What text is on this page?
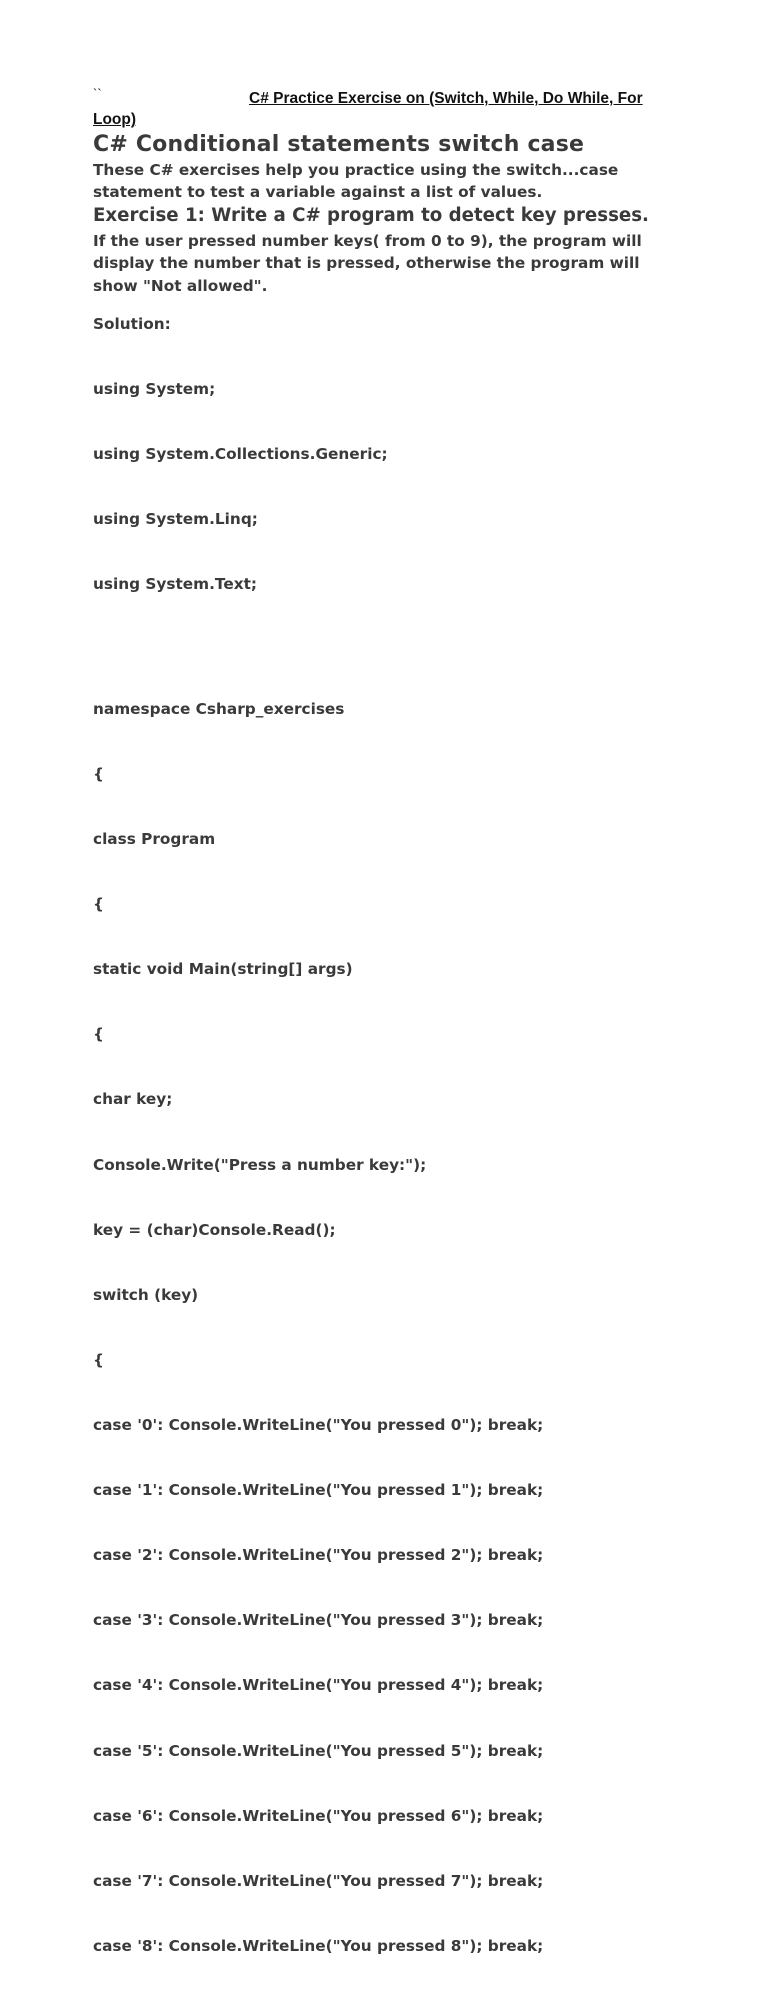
``	C# Practice Exercise on (Switch, While, Do While, For Loop)

C# Conditional statements switch case

These C# exercises help you practice using the switch...case statement to test a variable against a list of values.

Exercise 1: Write a C# program to detect key presses.

If the user pressed number keys( from 0 to 9), the program will display the number that is pressed, otherwise the program will show "Not allowed".

Solution:

using System;

using System.Collections.Generic;

using System.Linq;

using System.Text;

namespace Csharp_exercises

{

class Program

{

static void Main(string[] args)

{

char key;

Console.Write("Press a number key:");

key = (char)Console.Read();

switch (key)

{

case '0': Console.WriteLine("You pressed 0"); break;

case '1': Console.WriteLine("You pressed 1"); break;

case '2': Console.WriteLine("You pressed 2"); break;

case '3': Console.WriteLine("You pressed 3"); break;

case '4': Console.WriteLine("You pressed 4"); break;

case '5': Console.WriteLine("You pressed 5"); break;

case '6': Console.WriteLine("You pressed 6"); break;

case '7': Console.WriteLine("You pressed 7"); break;

case '8': Console.WriteLine("You pressed 8"); break;
